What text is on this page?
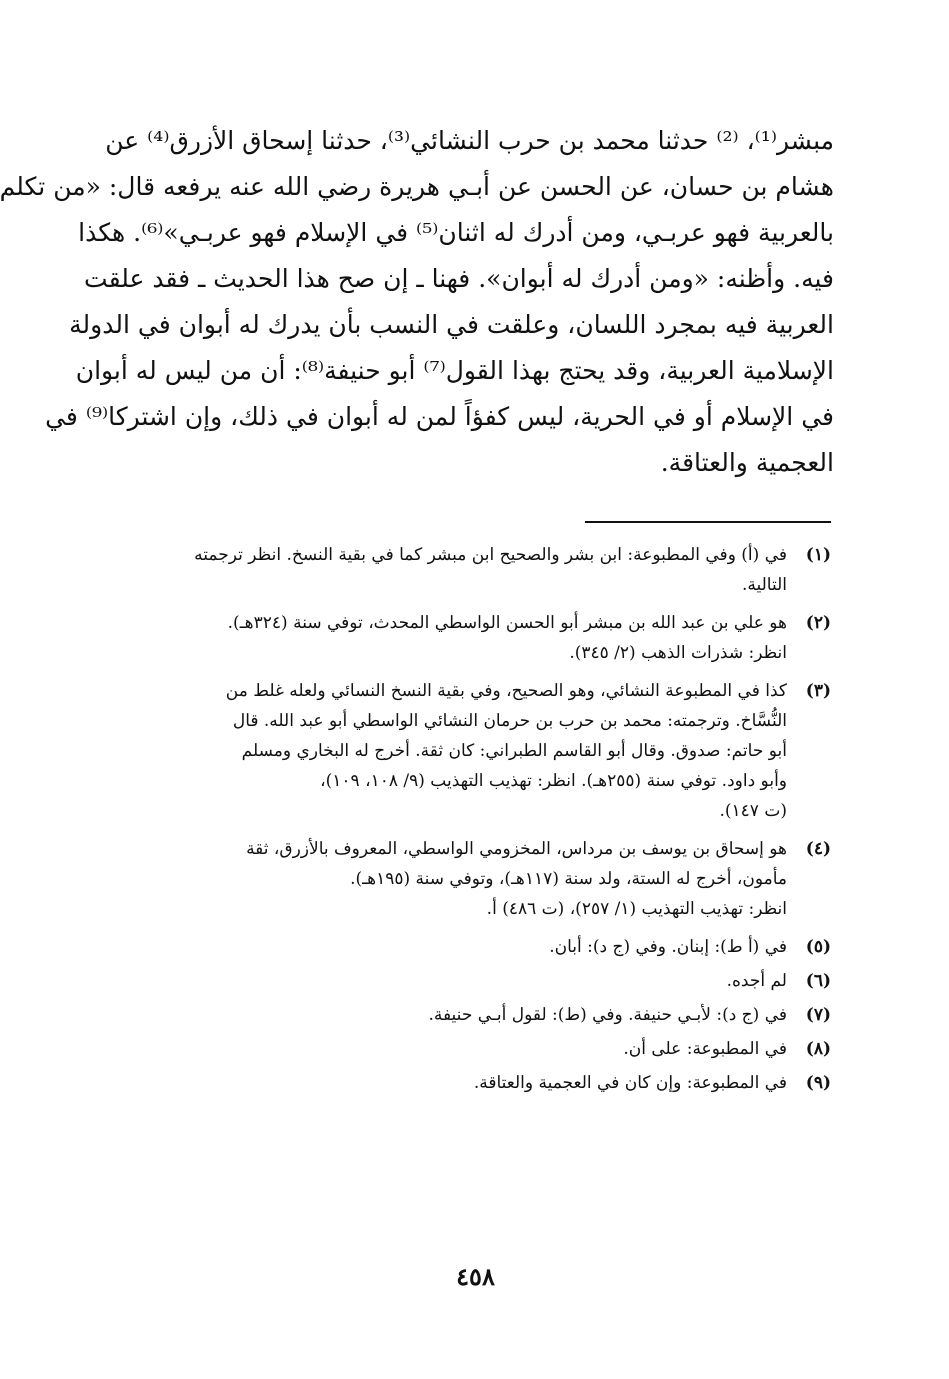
مبشر⁽¹⁾، ⁽²⁾ حدثنا محمد بن حرب النشائي⁽³⁾، حدثنا إسحاق الأزرق⁽⁴⁾ عن
هشام بن حسان، عن الحسن عن أبـي هريرة رضي الله عنه يرفعه قال: «من تكلم
بالعربية فهو عربـي، ومن أدرك له اثنان⁽⁵⁾ في الإسلام فهو عربـي»⁽⁶⁾. هكذا
فيه. وأظنه: «ومن أدرك له أبوان». فهنا ـ إن صح هذا الحديث ـ فقد علقت
العربية فيه بمجرد اللسان، وعلقت في النسب بأن يدرك له أبوان في الدولة
الإسلامية العربية، وقد يحتج بهذا القول⁽⁷⁾ أبو حنيفة⁽⁸⁾: أن من ليس له أبوان
في الإسلام أو في الحرية، ليس كفؤاً لمن له أبوان في ذلك، وإن اشتركا⁽⁹⁾ في
العجمية والعتاقة.
(١)
في (أ) وفي المطبوعة: ابن بشر والصحيح ابن مبشر كما في بقية النسخ. انظر ترجمته
التالية.
(٢)
هو علي بن عبد الله بن مبشر أبو الحسن الواسطي المحدث، توفي سنة (٣٢٤هـ).
انظر: شذرات الذهب (٢/ ٣٤٥).
(٣)
كذا في المطبوعة النشائي، وهو الصحيح، وفي بقية النسخ النسائي ولعله غلط من
النُّسَّاخ. وترجمته: محمد بن حرب بن حرمان النشائي الواسطي أبو عبد الله. قال
أبو حاتم: صدوق. وقال أبو القاسم الطبراني: كان ثقة. أخرج له البخاري ومسلم
وأبو داود. توفي سنة (٢٥٥هـ). انظر: تهذيب التهذيب (٩/ ١٠٨، ١٠٩)،
(ت ١٤٧).
(٤)
هو إسحاق بن يوسف بن مرداس، المخزومي الواسطي، المعروف بالأزرق، ثقة
مأمون، أخرج له الستة، ولد سنة (١١٧هـ)، وتوفي سنة (١٩٥هـ).
انظر: تهذيب التهذيب (١/ ٢٥٧)، (ت ٤٨٦) أ.
(٥)
في (أ ط): إبنان. وفي (ج د): أبان.
(٦)
لم أجده.
(٧)
في (ج د): لأبـي حنيفة. وفي (ط): لقول أبـي حنيفة.
(٨)
في المطبوعة: على أن.
(٩)
في المطبوعة: وإن كان في العجمية والعتاقة.
٤٥٨
